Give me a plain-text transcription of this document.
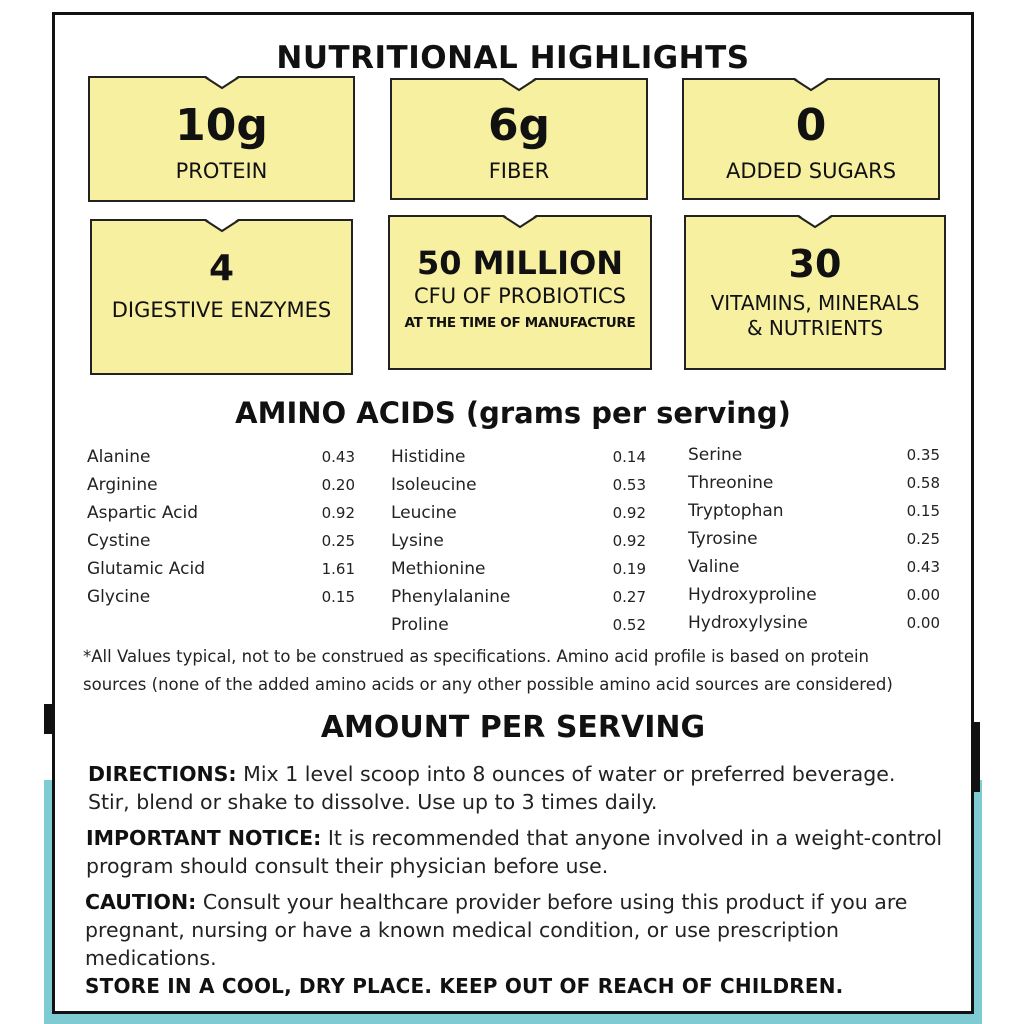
NUTRITIONAL HIGHLIGHTS
10g
PROTEIN
6g
FIBER
0
ADDED SUGARS
4
DIGESTIVE ENZYMES
50 MILLION
CFU OF PROBIOTICS
AT THE TIME OF MANUFACTURE
30
VITAMINS, MINERALS
& NUTRIENTS
AMINO ACIDS (grams per serving)
Alanine	0.43
Arginine	0.20
Aspartic Acid	0.92
Cystine	0.25
Glutamic Acid	1.61
Glycine	0.15
Histidine	0.14
Isoleucine	0.53
Leucine	0.92
Lysine	0.92
Methionine	0.19
Phenylalanine	0.27
Proline	0.52
Serine	0.35
Threonine	0.58
Tryptophan	0.15
Tyrosine	0.25
Valine	0.43
Hydroxyproline	0.00
Hydroxylysine	0.00

*All Values typical, not to be construed as specifications. Amino acid profile is based on protein
sources (none of the added amino acids or any other possible amino acid sources are considered)

AMOUNT PER SERVING

DIRECTIONS: Mix 1 level scoop into 8 ounces of water or preferred beverage.
Stir, blend or shake to dissolve. Use up to 3 times daily.

IMPORTANT NOTICE: It is recommended that anyone involved in a weight-control
program should consult their physician before use.

CAUTION: Consult your healthcare provider before using this product if you are
pregnant, nursing or have a known medical condition, or use prescription
medications.

STORE IN A COOL, DRY PLACE. KEEP OUT OF REACH OF CHILDREN.
